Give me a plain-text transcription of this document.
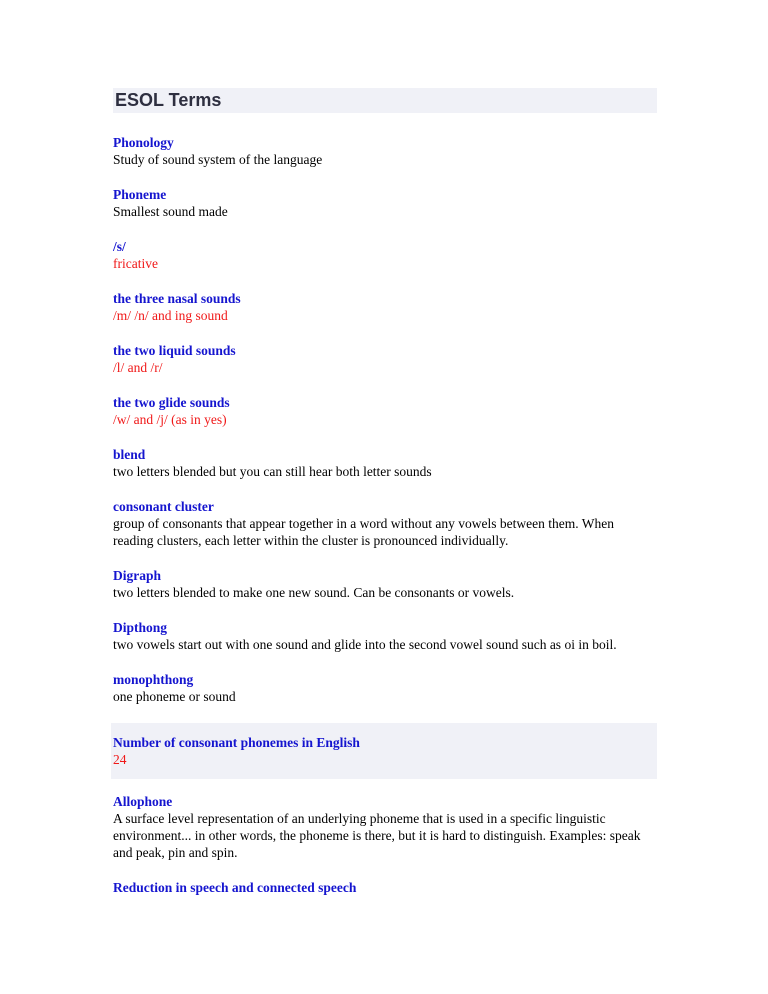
ESOL Terms
Phonology
Study of sound system of the language
Phoneme
Smallest sound made
/s/
fricative
the three nasal sounds
/m/ /n/ and ing sound
the two liquid sounds
/l/ and /r/
the two glide sounds
/w/ and /j/ (as in yes)
blend
two letters blended but you can still hear both letter sounds
consonant cluster
group of consonants that appear together in a word without any vowels between them. When reading clusters, each letter within the cluster is pronounced individually.
Digraph
two letters blended to make one new sound. Can be consonants or vowels.
Dipthong
two vowels start out with one sound and glide into the second vowel sound such as oi in boil.
monophthong
one phoneme or sound
Number of consonant phonemes in English
24
Allophone
A surface level representation of an underlying phoneme that is used in a specific linguistic environment... in other words, the phoneme is there, but it is hard to distinguish. Examples: speak and peak, pin and spin.
Reduction in speech and connected speech
